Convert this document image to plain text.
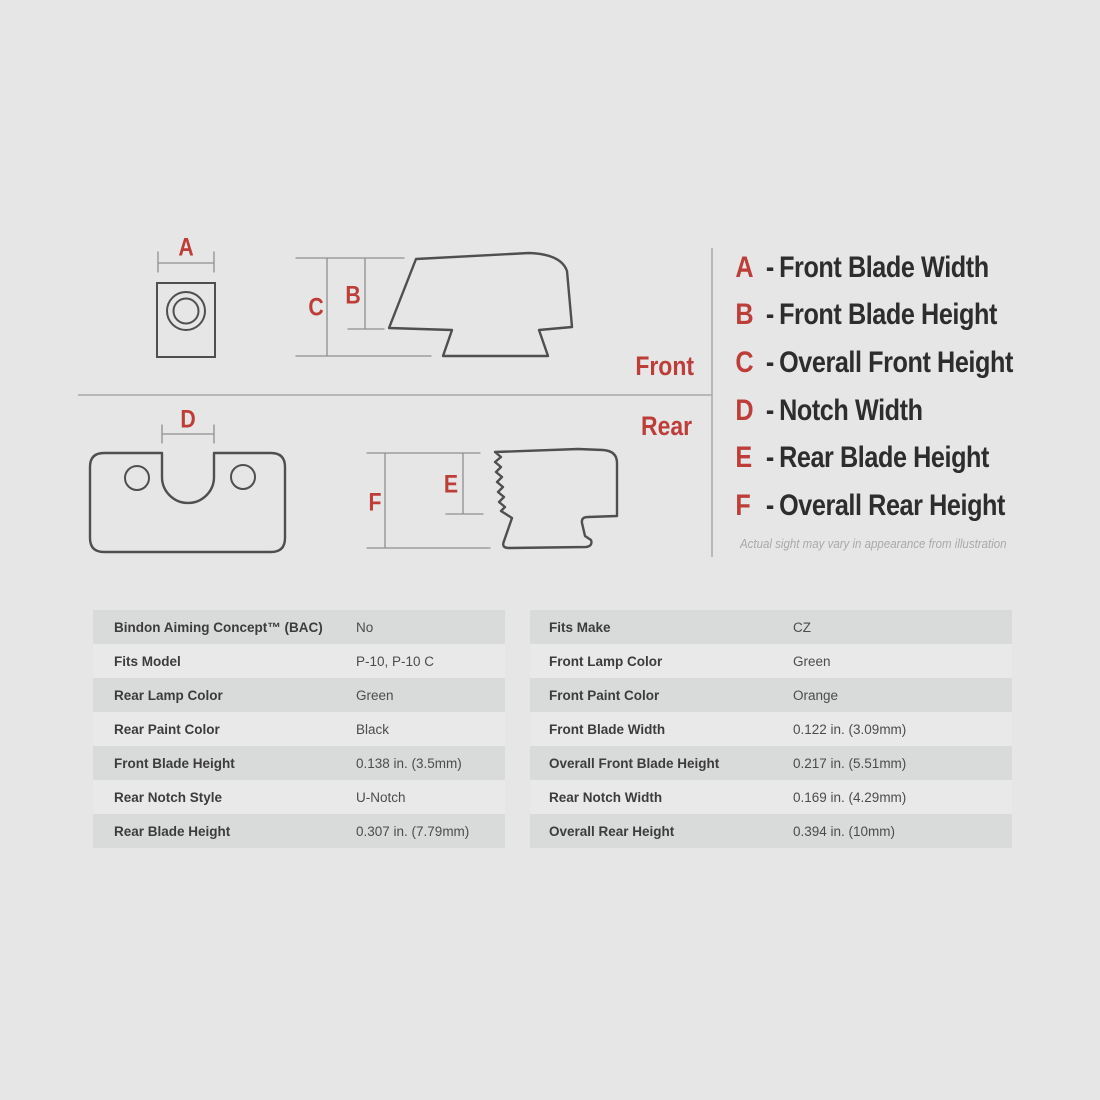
A
B
C
D
E
F
Front
Rear
A - Front Blade Width
B - Front Blade Height
C - Overall Front Height
D - Notch Width
E - Rear Blade Height
F - Overall Rear Height
Actual sight may vary in appearance from illustration
Bindon Aiming Concept™ (BAC)	No
Fits Model	P-10, P-10 C
Rear Lamp Color	Green
Rear Paint Color	Black
Front Blade Height	0.138 in. (3.5mm)
Rear Notch Style	U-Notch
Rear Blade Height	0.307 in. (7.79mm)
Fits Make	CZ
Front Lamp Color	Green
Front Paint Color	Orange
Front Blade Width	0.122 in. (3.09mm)
Overall Front Blade Height	0.217 in. (5.51mm)
Rear Notch Width	0.169 in. (4.29mm)
Overall Rear Height	0.394 in. (10mm)
